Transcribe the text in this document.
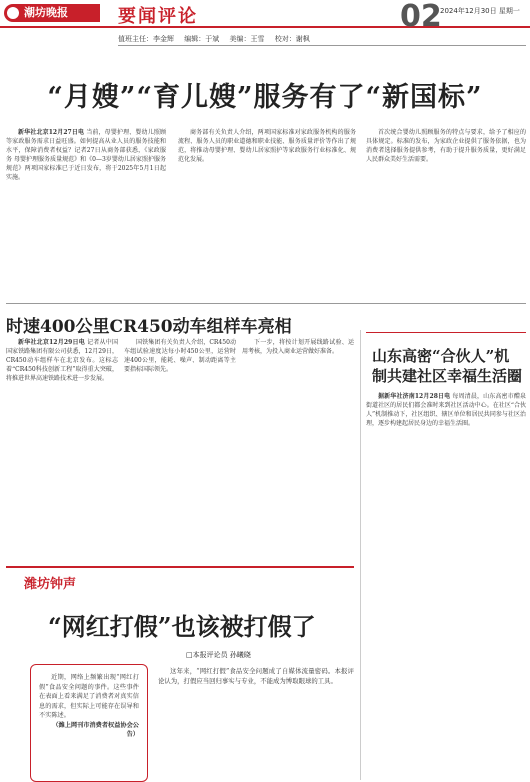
潮坊晚报	要闻评论	02
2024年12月30日 星期一
值班主任：李金辉 编辑：于斌 美编：王雪 校对：谢枫
“月嫂”“育儿嫂”服务有了“新国标”

新华社北京12月27日电 当前，母婴护理、婴幼儿照顾等家政服务需求日益旺盛。如何提高从业人员的服务技能和水平，保障消费者权益？记者27日从商务部获悉，《家政服务 母婴护理服务质量规范》和《0—3岁婴幼儿居家照护服务规范》两项国家标准已于近日发布，将于2025年5月1日起实施。

商务部有关负责人介绍，两项国家标准对家政服务机构的服务流程、服务人员的职业道德和职业技能、服务质量评价等作出了规范，将推动母婴护理、婴幼儿居家照护等家政服务行业标准化、规范化发展。

首次统合婴幼儿照顾服务的特点与要求，给予了相应的具体规定。标准的发布，为家政企业提供了服务依据，也为消费者选择服务提供参考，有助于提升服务质量，更好满足人民群众美好生活需要。

时速400公里CR450动车组样车亮相

新华社北京12月29日电 记者从中国国家铁路集团有限公司获悉，12月29日，CR450动车组样车在北京发布。这标志着“CR450科技创新工程”取得重大突破，将推进世界高速铁路技术进一步发展。

国铁集团有关负责人介绍，CR450动车组试验速度达每小时450公里，运营时速400公里，能耗、噪声、制动距离等主要指标国际领先。

下一步，将按计划开展线路试验、运用考核，为投入商业运营做好准备。	山东高密“合伙人”机制共建社区幸福生活圈

据新华社济南12月28日电 每周清晨，山东高密市醴泉街道社区的居民们都会准时来到社区活动中心。在社区“合伙人”机制推动下，社区组织、辖区单位和居民共同参与社区治理，逐步构建起居民身边的幸福生活圈。

潍坊钟声
“网红打假”也该被打假了
□本报评论员 孙曦晓

近期，网络上频繁出现“网红打假”食品安全问题的事件。这些事件在表面上看来满足了消费者对真实信息的需求，但实际上可能存在误导和不实陈述。

（潍上网刊市消费者权益协会公告）

这年来，“网红打假”食品安全问题成了自媒体流量密码。本报评论认为，打假应当回归事实与专业，不能成为博取眼球的工具。
